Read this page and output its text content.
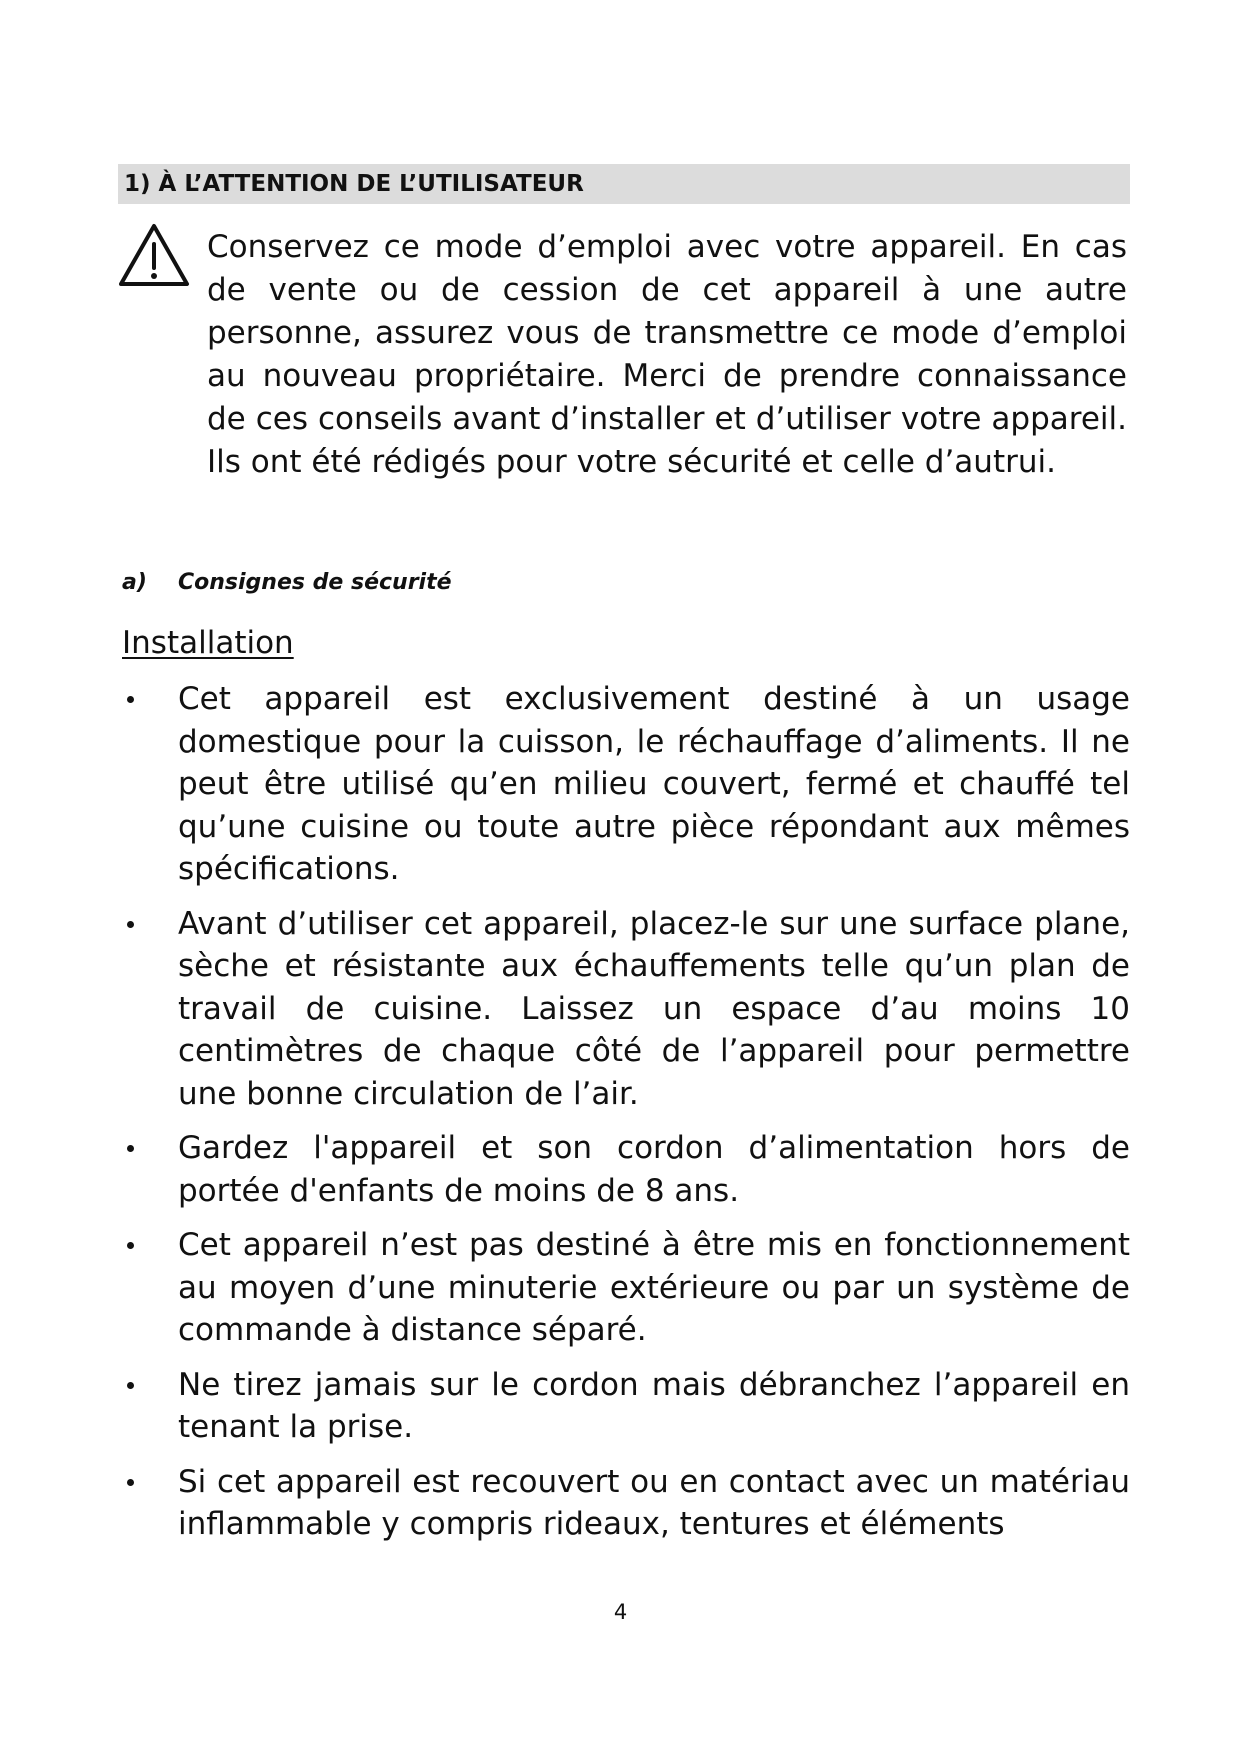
1) À L’ATTENTION DE L’UTILISATEUR
Conservez ce mode d’emploi avec votre appareil. En cas de vente ou de cession de cet appareil à une autre personne, assurez vous de transmettre ce mode d’emploi au nouveau propriétaire. Merci de prendre connaissance de ces conseils avant d’installer et d’utiliser votre appareil. Ils ont été rédigés pour votre sécurité et celle d’autrui.
a) Consignes de sécurité
Installation
Cet appareil est exclusivement destiné à un usage domestique pour la cuisson, le réchauffage d’aliments. Il ne peut être utilisé qu’en milieu couvert, fermé et chauffé tel qu’une cuisine ou toute autre pièce répondant aux mêmes spécifications.
Avant d’utiliser cet appareil, placez-le sur une surface plane, sèche et résistante aux échauffements telle qu’un plan de travail de cuisine. Laissez un espace d’au moins 10 centimètres de chaque côté de l’appareil pour permettre une bonne circulation de l’air.
Gardez l'appareil et son cordon d’alimentation hors de portée d'enfants de moins de 8 ans.
Cet appareil n’est pas destiné à être mis en fonctionnement au moyen d’une minuterie extérieure ou par un système de commande à distance séparé.
Ne tirez jamais sur le cordon mais débranchez l’appareil en tenant la prise.
Si cet appareil est recouvert ou en contact avec un matériau inflammable y compris rideaux, tentures et éléments
4
